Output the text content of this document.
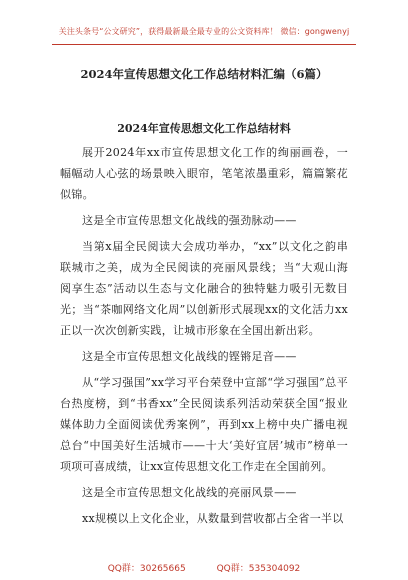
关注头条号“公文研究”，获得最新最全最专业的公文资料库！ 微信：gongwenyj
2024年宣传思想文化工作总结材料汇编（6篇）
2024年宣传思想文化工作总结材料

展开2024年xx市宣传思想文化工作的绚丽画卷，一幅幅动人心弦的场景映入眼帘，笔笔浓墨重彩，篇篇繁花似锦。

这是全市宣传思想文化战线的强劲脉动——

当第x届全民阅读大会成功举办，“xx”以文化之韵串联城市之美，成为全民阅读的亮丽风景线；当“大观山海阅享生态”活动以生态与文化融合的独特魅力吸引无数目光；当“茶咖网络文化周”以创新形式展现xx的文化活力xx正以一次次创新实践，让城市形象在全国出新出彩。

这是全市宣传思想文化战线的铿锵足音——

从“学习强国”xx学习平台荣登中宣部“学习强国”总平台热度榜，到“书香xx”全民阅读系列活动荣获全国“报业媒体助力全面阅读优秀案例”，再到xx上榜中央广播电视总台“中国美好生活城市——十大‘美好宜居’城市”榜单一项项可喜成绩，让xx宣传思想文化工作走在全国前列。

这是全市宣传思想文化战线的亮丽风景——

xx规模以上文化企业，从数量到营收都占全省一半以

QQ群：30265665	QQ群：535304092
